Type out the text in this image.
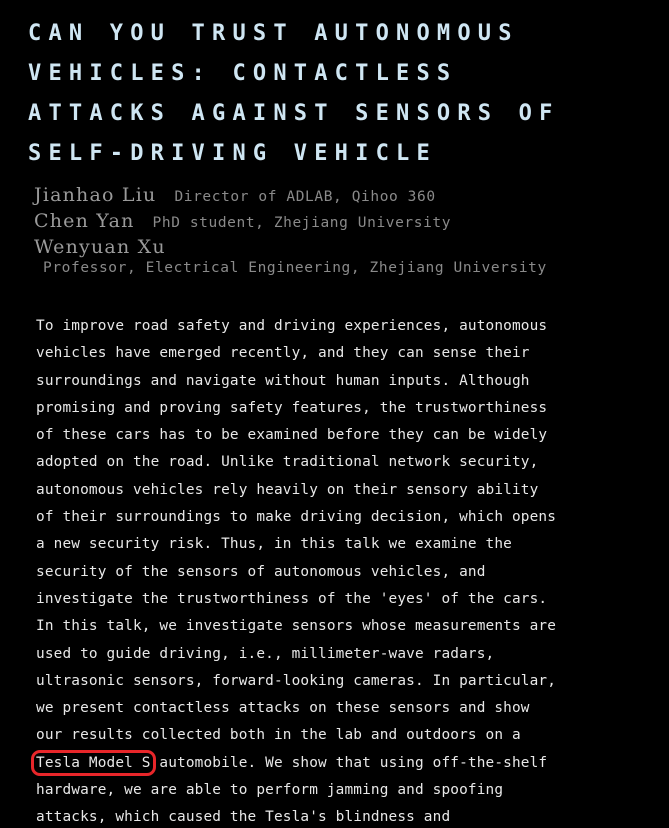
CAN YOU TRUST AUTONOMOUS
VEHICLES: CONTACTLESS
ATTACKS AGAINST SENSORS OF
SELF-DRIVING VEHICLE
Jianhao Liu Director of ADLAB, Qihoo 360
Chen Yan PhD student, Zhejiang University
Wenyuan Xu
Professor, Electrical Engineering, Zhejiang University
To improve road safety and driving experiences, autonomous
vehicles have emerged recently, and they can sense their
surroundings and navigate without human inputs. Although
promising and proving safety features, the trustworthiness
of these cars has to be examined before they can be widely
adopted on the road. Unlike traditional network security,
autonomous vehicles rely heavily on their sensory ability
of their surroundings to make driving decision, which opens
a new security risk. Thus, in this talk we examine the
security of the sensors of autonomous vehicles, and
investigate the trustworthiness of the 'eyes' of the cars.
In this talk, we investigate sensors whose measurements are
used to guide driving, i.e., millimeter-wave radars,
ultrasonic sensors, forward-looking cameras. In particular,
we present contactless attacks on these sensors and show
our results collected both in the lab and outdoors on a
Tesla Model S automobile. We show that using off-the-shelf
hardware, we are able to perform jamming and spoofing
attacks, which caused the Tesla's blindness and
